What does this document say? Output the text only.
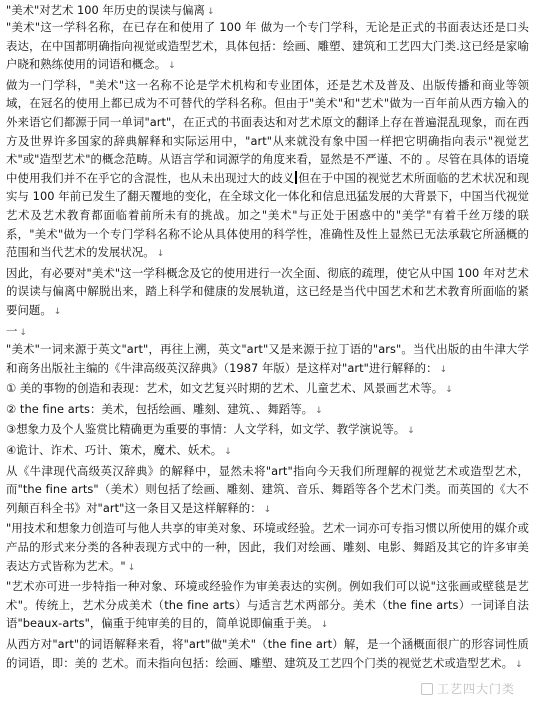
"美术"对艺术 100 年历史的误读与偏离 ↓

"美术"这一学科名称，在已存在和使用了 100 年 做为一个专门学科，无论是正式的书面表达还是口头表达，在中国都明确指向视觉或造型艺术，具体包括：绘画、雕塑、建筑和工艺四大门类.这已经是家喻户晓和熟练使用的词语和概念。 ↓

做为一门学科，"美术"这一名称不论是学术机构和专业团体，还是艺术及普及、出版传播和商业等领域，在冠名的使用上都已成为不可替代的学科名称。但由于"美术"和"艺术"做为一百年前从西方输入的外来语它们都源于同一单词"art"，在正式的书面表达和对艺术原文的翻译上存在普遍混乱现象，而在西方及世界许多国家的辞典解释和实际运用中，"art"从来就没有象中国一样把它明确指向表示"视觉艺术"或"造型艺术"的概念范畴。从语言学和词源学的角度来看，显然是不严谨、不的 。尽管在具体的语境中使用我们并不在乎它的含混性，也从未出现过大的歧义 但在于中国的视觉艺术所面临的艺术状况和现实与 100 年前已发生了翻天覆地的变化，在全球文化一体化和信息迅猛发展的大背景下，中国当代视觉艺术及艺术教育都面临着前所未有的挑战。加之"美术"与正处于困惑中的"美学"有着千丝万缕的联系，"美术"做为一个专门学科名称不论从具体使用的科学性，准确性及性上显然已无法承载它所涵概的范围和当代艺术的发展状况。 ↓

因此，有必要对"美术"这一学科概念及它的使用进行一次全面、彻底的疏理，使它从中国 100 年对艺术的误读与偏离中解脱出来，踏上科学和健康的发展轨道，这已经是当代中国艺术和艺术教育所面临的紧要问题。 ↓

一 ↓

"美术"一词来源于英文"art"，再往上溯，英文"art"又是来源于拉丁语的"ars"。当代出版的由牛津大学和商务出版社主编的《牛津高级英汉辞典》（1987 年版）是这样对"art"进行解释的： ↓

① 美的事物的创造和表现：艺术，如文艺复兴时期的艺术、儿童艺术、风景画艺术等。 ↓

② the fine arts：美术，包括绘画、雕刻、建筑、、舞蹈等。 ↓

③想象力及个人鉴赏比精确更为重要的事情：人文学科，如文学、教学演说等。 ↓

④诡计、诈术、巧计、策术，魔术、妖术。 ↓

从《牛津现代高级英汉辞典》的解释中，显然未将"art"指向今天我们所理解的视觉艺术或造型艺术，而"the fine arts"（美术）则包括了绘画、雕刻、建筑、音乐、舞蹈等各个艺术门类。而英国的《大不列颠百科全书》对"art"这一条目又是这样解释的： ↓

"用技术和想象力创造可与他人共享的审美对象、环境或经验。艺术一词亦可专指习惯以所使用的媒介或产品的形式来分类的各种表现方式中的一种，因此，我们对绘画、雕刻、电影、舞蹈及其它的许多审美表达方式皆称为艺术。" ↓

"艺术亦可进一步特指一种对象、环境或经验作为审美表达的实例。例如我们可以说"这张画或壁毯是艺术"。传统上，艺术分成美术（the fine arts）与适言艺术两部分。美术（the fine arts）一词译自法语"beaux-arts"，偏重于纯审美的目的，简单说即偏重于美。 ↓

从西方对"art"的词语解释来看，将"art"做"美术"（the fine art）解，是一个涵概面很广的形容词性质的词语，即：美的 艺术。而未指向包括：绘画、雕塑、建筑及工艺四个门类的视觉艺术或造型艺术。 ↓

工艺四大门类
